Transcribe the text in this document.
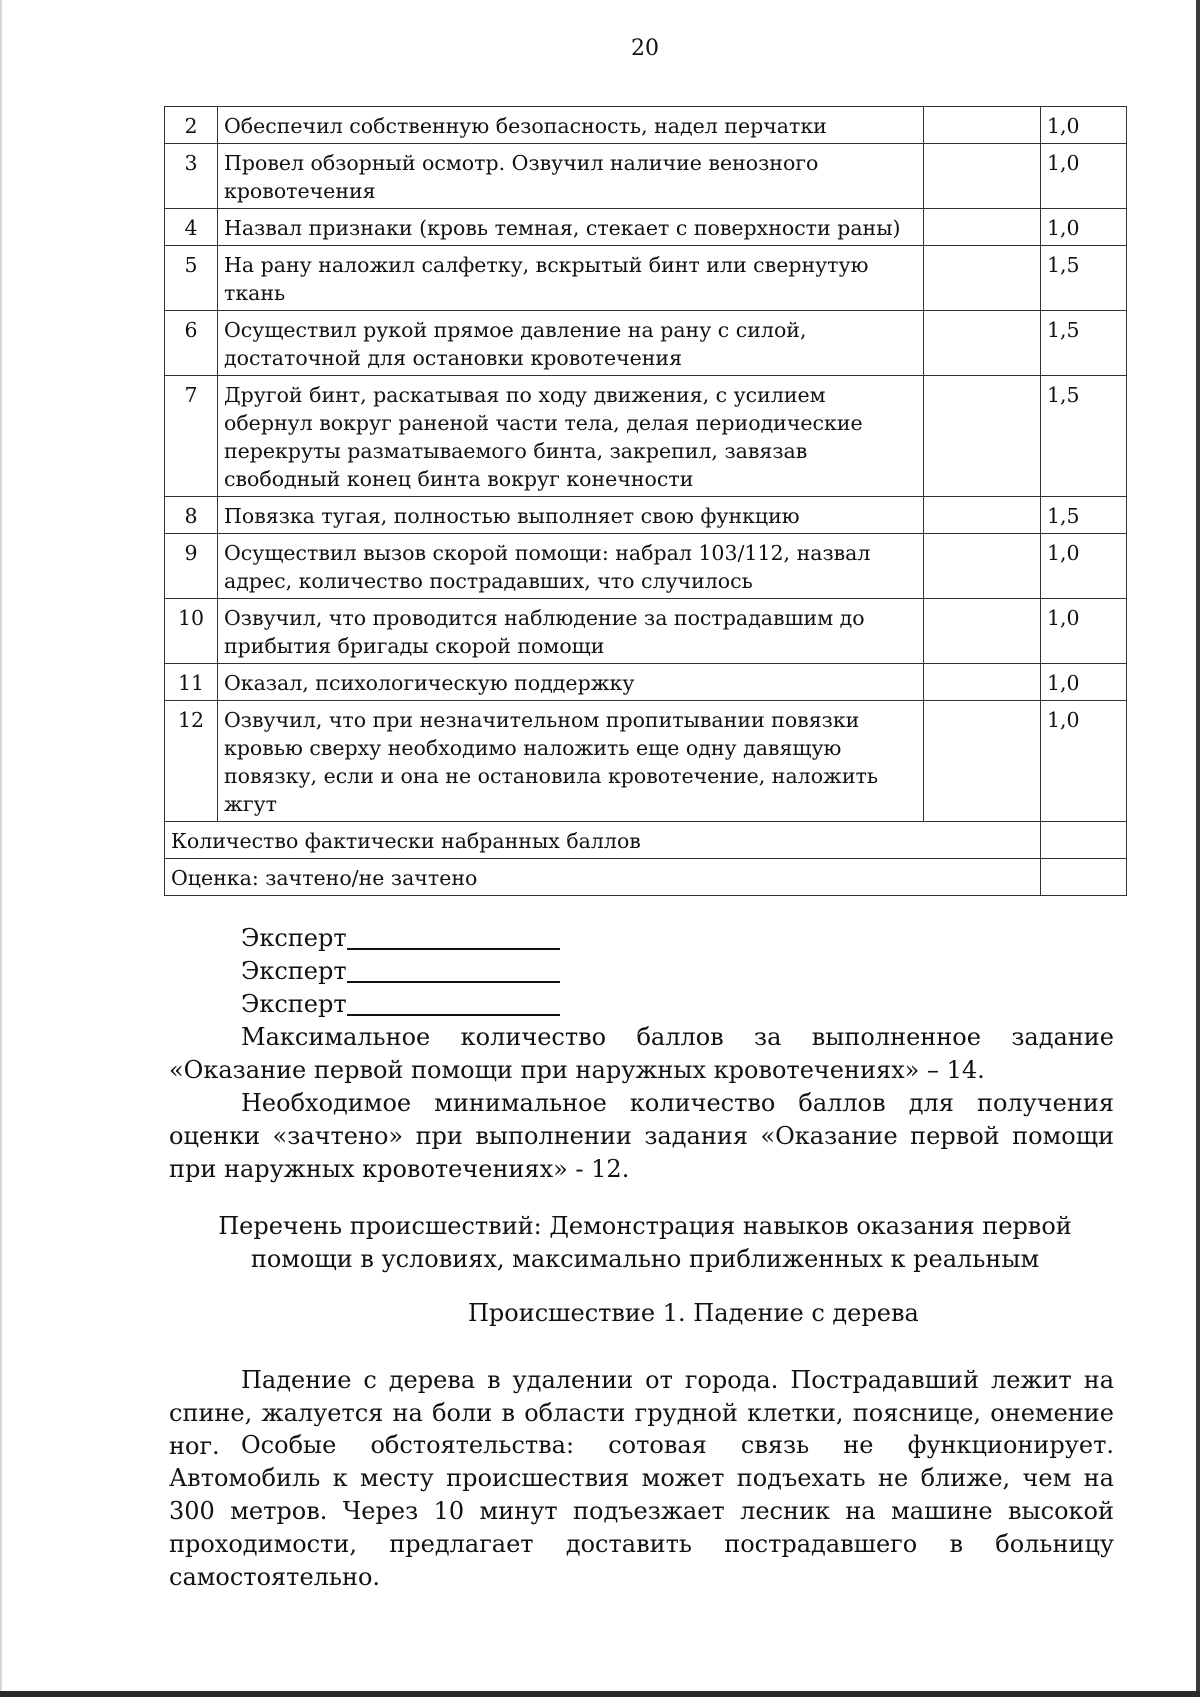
20
2	Обеспечил собственную безопасность, надел перчатки		1,0
3	Провел обзорный осмотр. Озвучил наличие венозного кровотечения		1,0
4	Назвал признаки (кровь темная, стекает с поверхности раны)		1,0
5	На рану наложил салфетку, вскрытый бинт или свернутую ткань		1,5
6	Осуществил рукой прямое давление на рану с силой, достаточной для остановки кровотечения		1,5
7	Другой бинт, раскатывая по ходу движения, с усилием обернул вокруг раненой части тела, делая периодические перекруты разматываемого бинта, закрепил, завязав свободный конец бинта вокруг конечности		1,5
8	Повязка тугая, полностью выполняет свою функцию		1,5
9	Осуществил вызов скорой помощи: набрал 103/112, назвал адрес, количество пострадавших, что случилось		1,0
10	Озвучил, что проводится наблюдение за пострадавшим до прибытия бригады скорой помощи		1,0
11	Оказал, психологическую поддержку		1,0
12	Озвучил, что при незначительном пропитывании повязки кровью сверху необходимо наложить еще одну давящую повязку, если и она не остановила кровотечение, наложить жгут		1,0
Количество фактически набранных баллов			
Оценка: зачтено/не зачтено			
Эксперт
Эксперт
Эксперт

Максимальное количество баллов за выполненное задание «Оказание первой помощи при наружных кровотечениях» – 14.

Необходимое минимальное количество баллов для получения оценки «зачтено» при выполнении задания «Оказание первой помощи при наружных кровотечениях» - 12.

Перечень происшествий: Демонстрация навыков оказания первой помощи в условиях, максимально приближенных к реальным

Происшествие 1. Падение с дерева

Падение с дерева в удалении от города. Пострадавший лежит на спине, жалуется на боли в области грудной клетки, пояснице, онемение ног. Особые обстоятельства: сотовая связь не функционирует. Автомобиль к месту происшествия может подъехать не ближе, чем на 300 метров. Через 10 минут подъезжает лесник на машине высокой проходимости, предлагает доставить пострадавшего в больницу самостоятельно.
